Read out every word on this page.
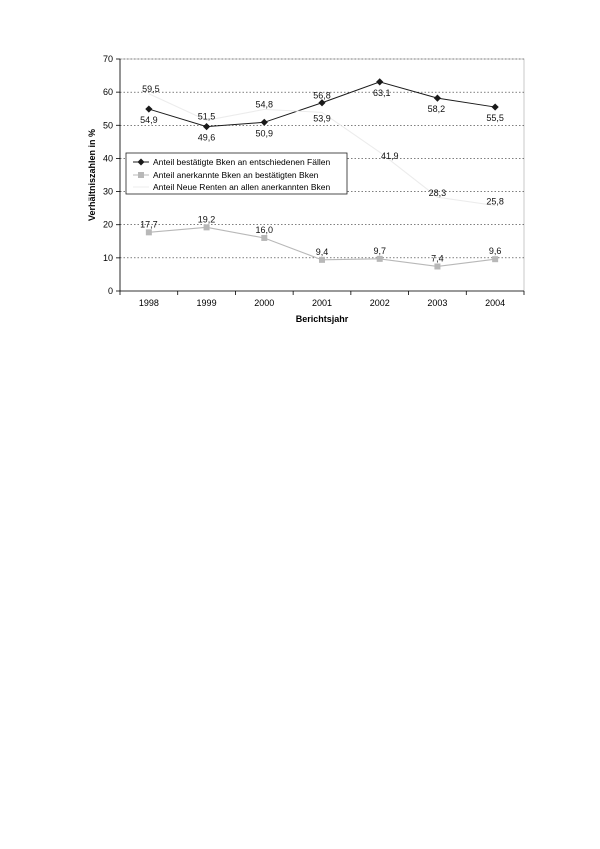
0
10
20
30
40
50
60
70
1998	1999	2000	2001	2002	2003	2004
54,9
49,6	50,9
56,8	63,1
58,2
55,5
17,7	19,2
16,0
9,4	9,7
7,4
9,6
59,5
51,5
54,8
53,9
41,9
28,3
25,8
Berichtsjahr
Verhältniszahlen in %	Anteil bestätigte Bken an entschiedenen Fällen
Anteil anerkannte Bken an bestätigten Bken
Anteil Neue Renten an allen anerkannten Bken
